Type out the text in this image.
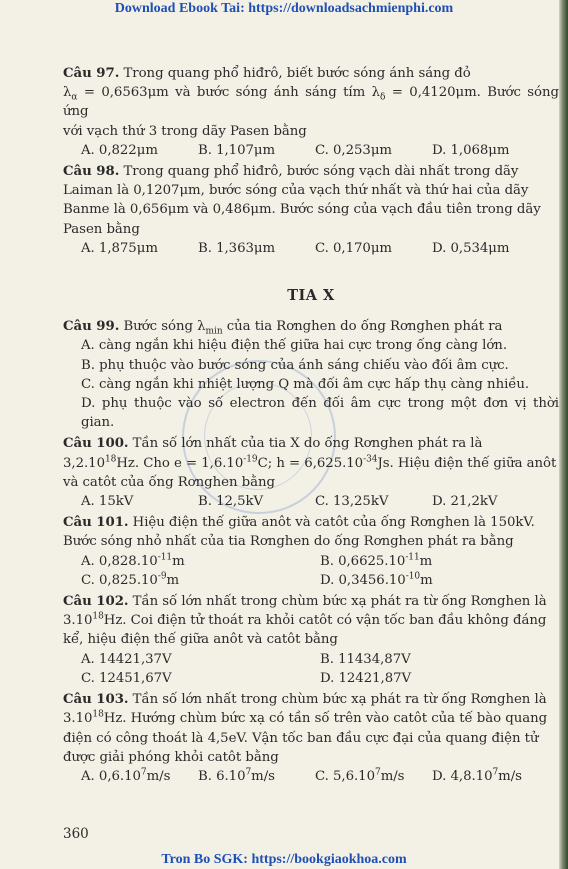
Download Ebook Tai: https://downloadsachmienphi.com

Câu 97. Trong quang phổ hiđrô, biết bước sóng ánh sáng đỏ

$\lambda_\alpha = 0,6563\mu m$ và bước sóng ánh sáng tím $\lambda_\delta = 0,4120\mu m$. Bước sóng ứng

với vạch thứ 3 trong dãy Pasen bằng

A. 0,822μm	B. 1,107μm	C. 0,253μm	D. 1,068μm

Câu 98. Trong quang phổ hiđrô, bước sóng vạch dài nhất trong dãy

Laiman là 0,1207μm, bước sóng của vạch thứ nhất và thứ hai của dãy

Banme là 0,656μm và 0,486μm. Bước sóng của vạch đầu tiên trong dãy

Pasen bằng

A. 1,875μm	B. 1,363μm	C. 0,170μm	D. 0,534μm
TIA X

Câu 99. Bước sóng $\lambda_{min}$ của tia Rơnghen do ống Rơnghen phát ra

A. càng ngắn khi hiệu điện thế giữa hai cực trong ống càng lớn.

B. phụ thuộc vào bước sóng của ánh sáng chiếu vào đối âm cực.

C. càng ngắn khi nhiệt lượng Q mà đối âm cực hấp thụ càng nhiều.

D. phụ thuộc vào số electron đến đối âm cực trong một đơn vị thời gian.

Câu 100. Tần số lớn nhất của tia X do ống Rơnghen phát ra là

3,2.10$^{18}$Hz. Cho $e = 1,6.10^{-19}C$; $h = 6,625.10^{-34}Js$. Hiệu điện thế giữa anôt

và catôt của ống Rơnghen bằng

A. 15kV	B. 12,5kV	C. 13,25kV	D. 21,2kV

Câu 101. Hiệu điện thế giữa anôt và catôt của ống Rơnghen là 150kV.

Bước sóng nhỏ nhất của tia Rơnghen do ống Rơnghen phát ra bằng

A. $0,828.10^{-11}m$	B. $0,6625.10^{-11}m$
C. $0,825.10^{-9}m$	D. $0,3456.10^{-10}m$

Câu 102. Tần số lớn nhất trong chùm bức xạ phát ra từ ống Rơnghen là

3.10$^{18}$Hz. Coi điện tử thoát ra khỏi catôt có vận tốc ban đầu không đáng

kể, hiệu điện thế giữa anôt và catôt bằng

A. 14421,37V	B. 11434,87V
C. 12451,67V	D. 12421,87V

Câu 103. Tần số lớn nhất trong chùm bức xạ phát ra từ ống Rơnghen là

3.10$^{18}$Hz. Hướng chùm bức xạ có tần số trên vào catôt của tế bào quang

điện có công thoát là 4,5eV. Vận tốc ban đầu cực đại của quang điện tử

được giải phóng khỏi catôt bằng

A. 0,6.10$^7$m/s	B. 6.10$^7$m/s	C. 5,6.10$^7$m/s	D. 4,8.10$^7$m/s
360
Tron Bo SGK: https://bookgiaokhoa.com
